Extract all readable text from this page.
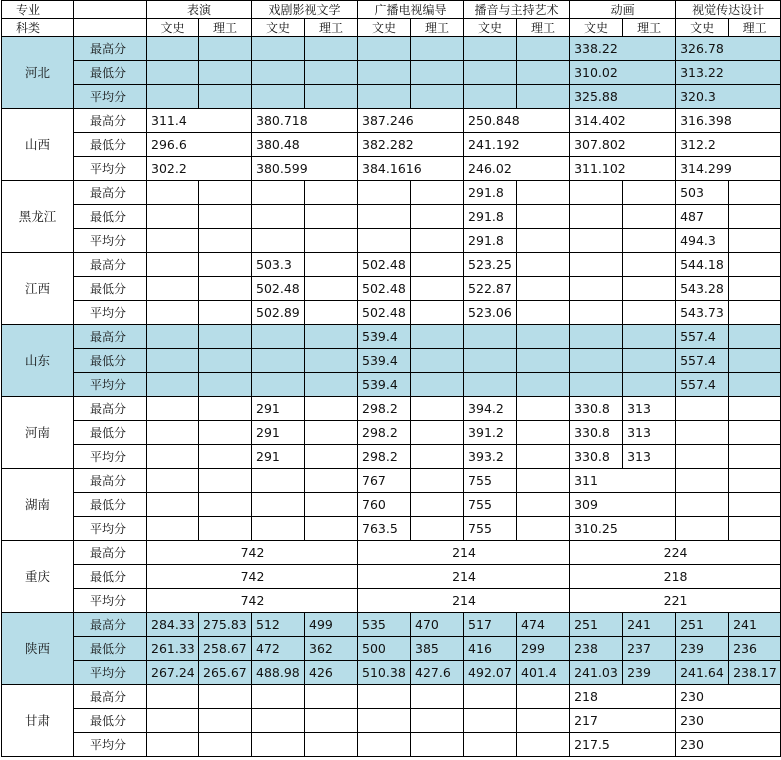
专业		表演		戏剧影视文学		广播电视编导		播音与主持艺术		动画		视觉传达设计	
科类		文史	理工	文史	理工	文史	理工	文史	理工	文史	理工	文史	理工
河北	最高分									338.22		326.78	
	最低分									310.02		313.22	
	平均分									325.88		320.3	
山西	最高分	311.4		380.718		387.246		250.848		314.402		316.398	
	最低分	296.6		380.48		382.282		241.192		307.802		312.2	
	平均分	302.2		380.599		384.1616		246.02		311.102		314.299	
黑龙江	最高分							291.8				503	
	最低分							291.8				487	
	平均分							291.8				494.3	
江西	最高分			503.3		502.48		523.25				544.18	
	最低分			502.48		502.48		522.87				543.28	
	平均分			502.89		502.48		523.06				543.73	
山东	最高分					539.4						557.4	
	最低分					539.4						557.4	
	平均分					539.4						557.4	
河南	最高分			291		298.2		394.2		330.8	313		
	最低分			291		298.2		391.2		330.8	313		
	平均分			291		298.2		393.2		330.8	313		
湖南	最高分					767		755		311			
	最低分					760		755		309			
	平均分					763.5		755		310.25			
重庆	最高分	742				214				224			
	最低分	742				214				218			
	平均分	742				214				221			
陕西	最高分	284.33	275.83	512	499	535	470	517	474	251	241	251	241
	最低分	261.33	258.67	472	362	500	385	416	299	238	237	239	236
	平均分	267.24	265.67	488.98	426	510.38	427.6	492.07	401.4	241.03	239	241.64	238.17
甘肃	最高分									218		230	
	最低分									217		230	
	平均分									217.5		230	
